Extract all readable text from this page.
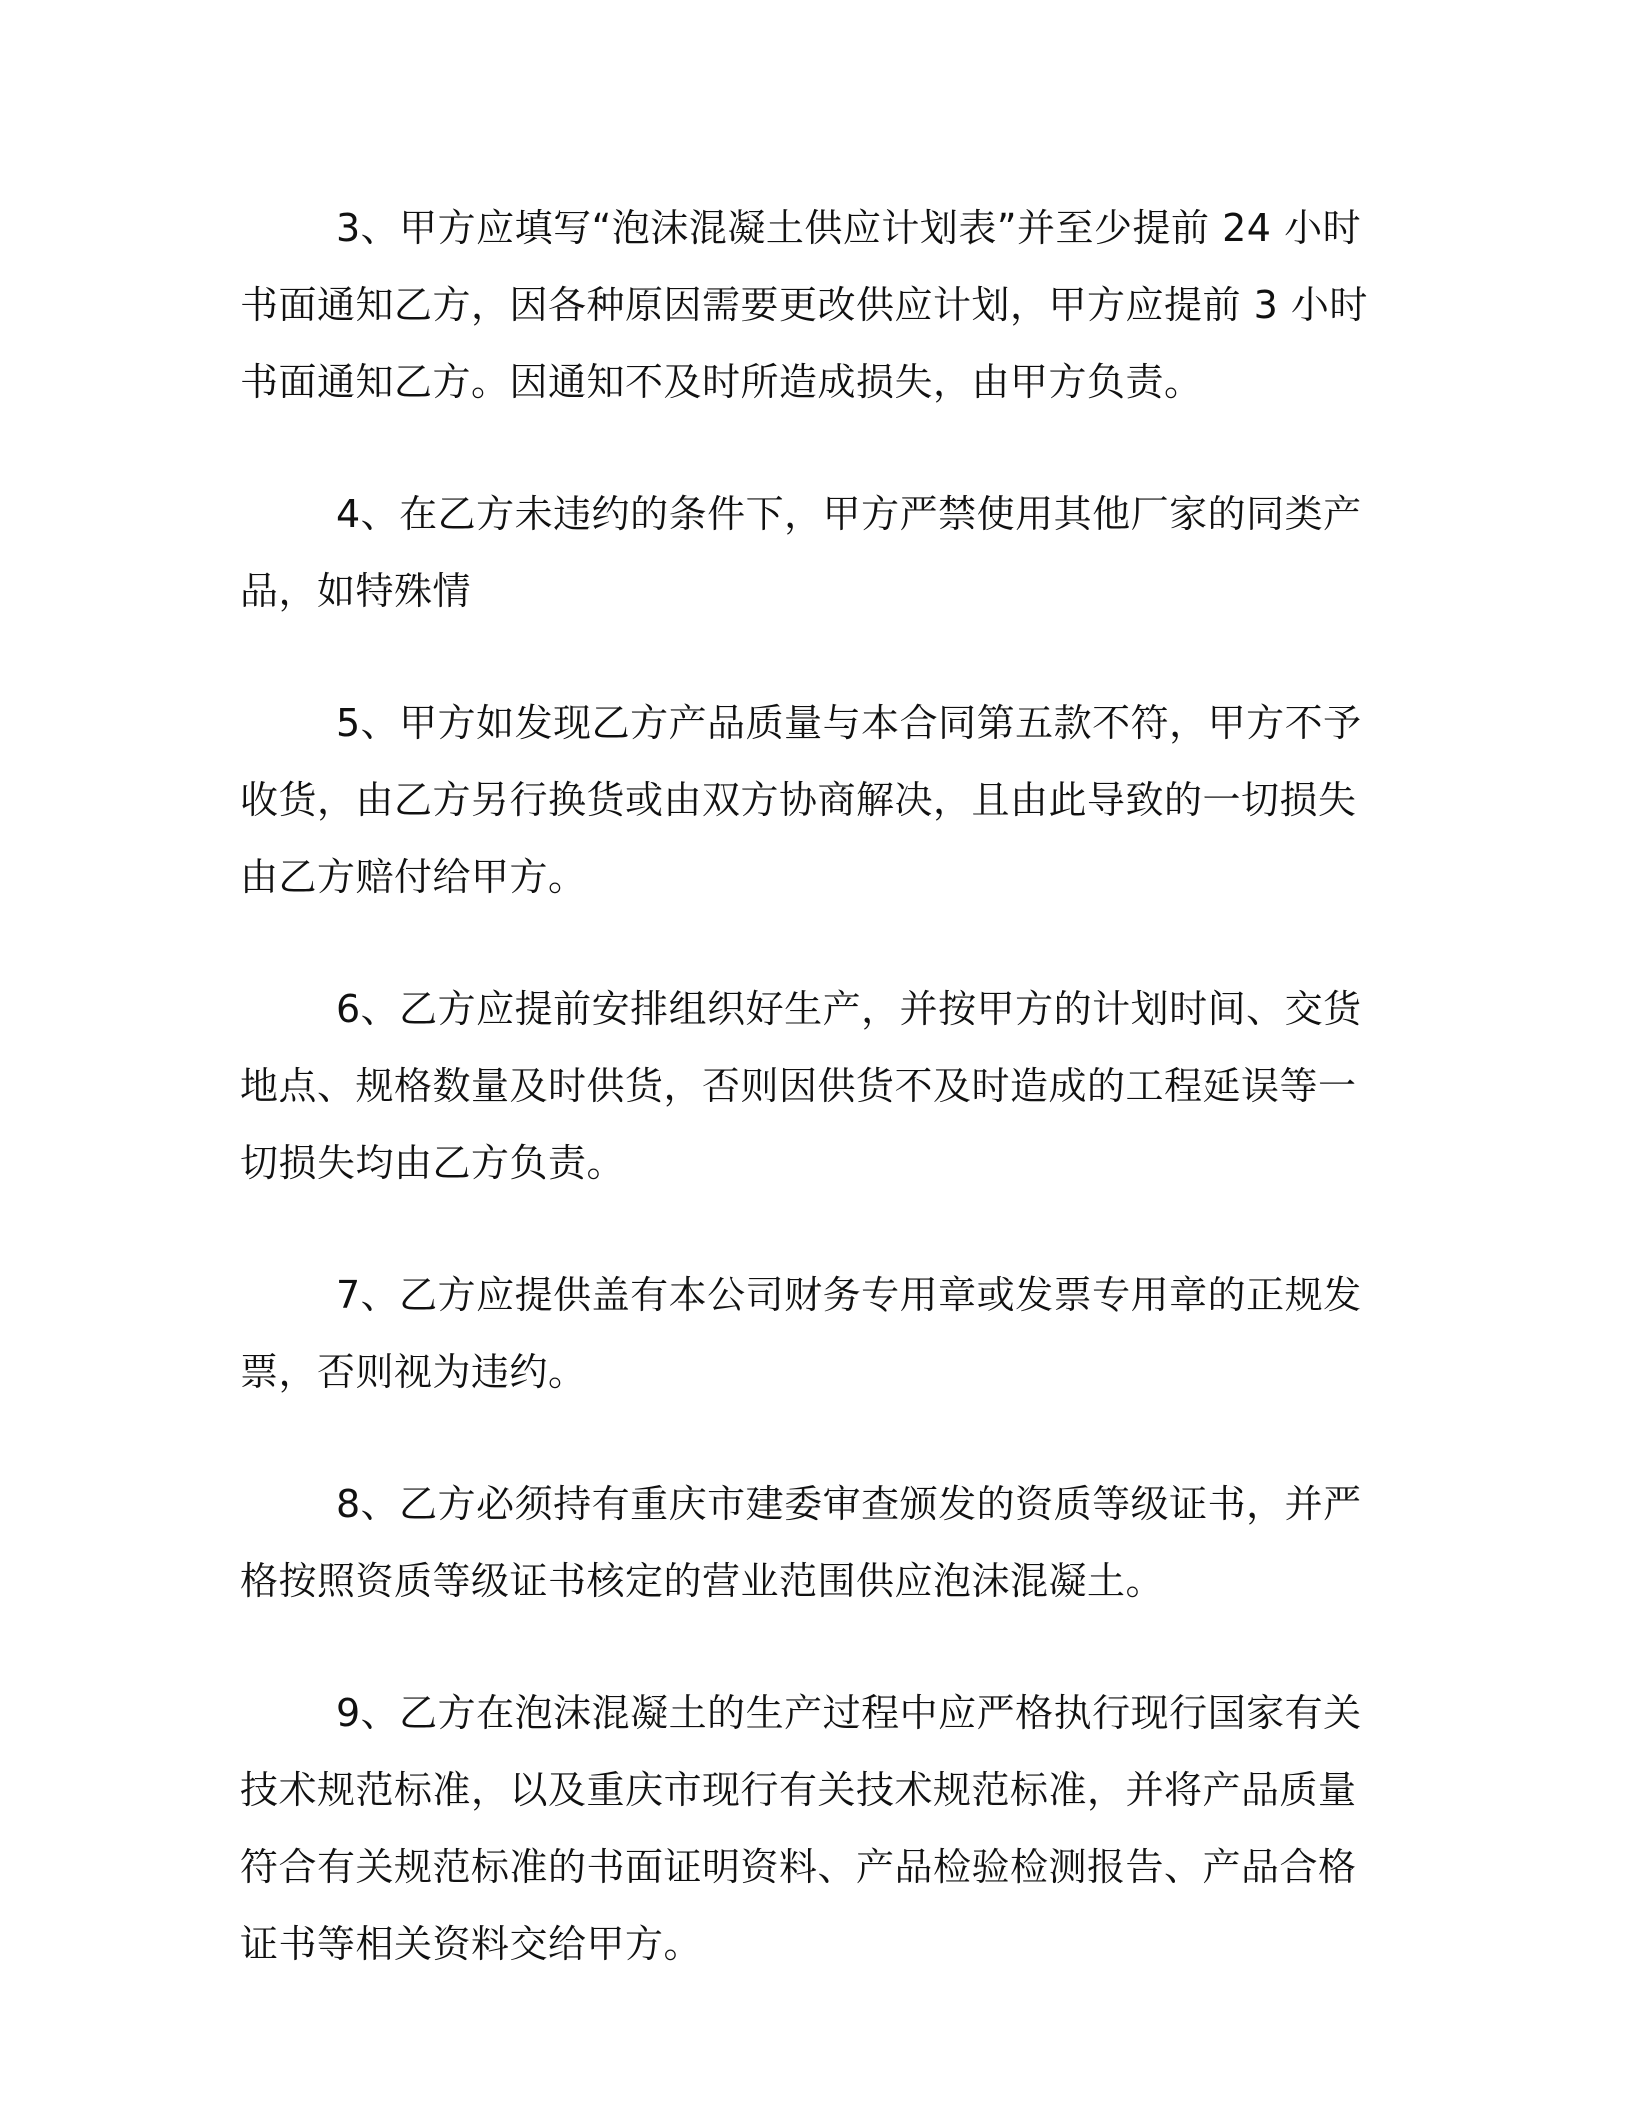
3、甲方应填写“泡沫混凝土供应计划表”并至少提前 24 小时书面通知乙方，因各种原因需要更改供应计划，甲方应提前 3 小时书面通知乙方。因通知不及时所造成损失，由甲方负责。

4、在乙方未违约的条件下，甲方严禁使用其他厂家的同类产品，如特殊情

5、甲方如发现乙方产品质量与本合同第五款不符，甲方不予收货，由乙方另行换货或由双方协商解决，且由此导致的一切损失由乙方赔付给甲方。

6、乙方应提前安排组织好生产，并按甲方的计划时间、交货地点、规格数量及时供货，否则因供货不及时造成的工程延误等一切损失均由乙方负责。

7、乙方应提供盖有本公司财务专用章或发票专用章的正规发票，否则视为违约。

8、乙方必须持有重庆市建委审查颁发的资质等级证书，并严格按照资质等级证书核定的营业范围供应泡沫混凝土。

9、乙方在泡沫混凝土的生产过程中应严格执行现行国家有关技术规范标准，以及重庆市现行有关技术规范标准，并将产品质量符合有关规范标准的书面证明资料、产品检验检测报告、产品合格证书等相关资料交给甲方。
